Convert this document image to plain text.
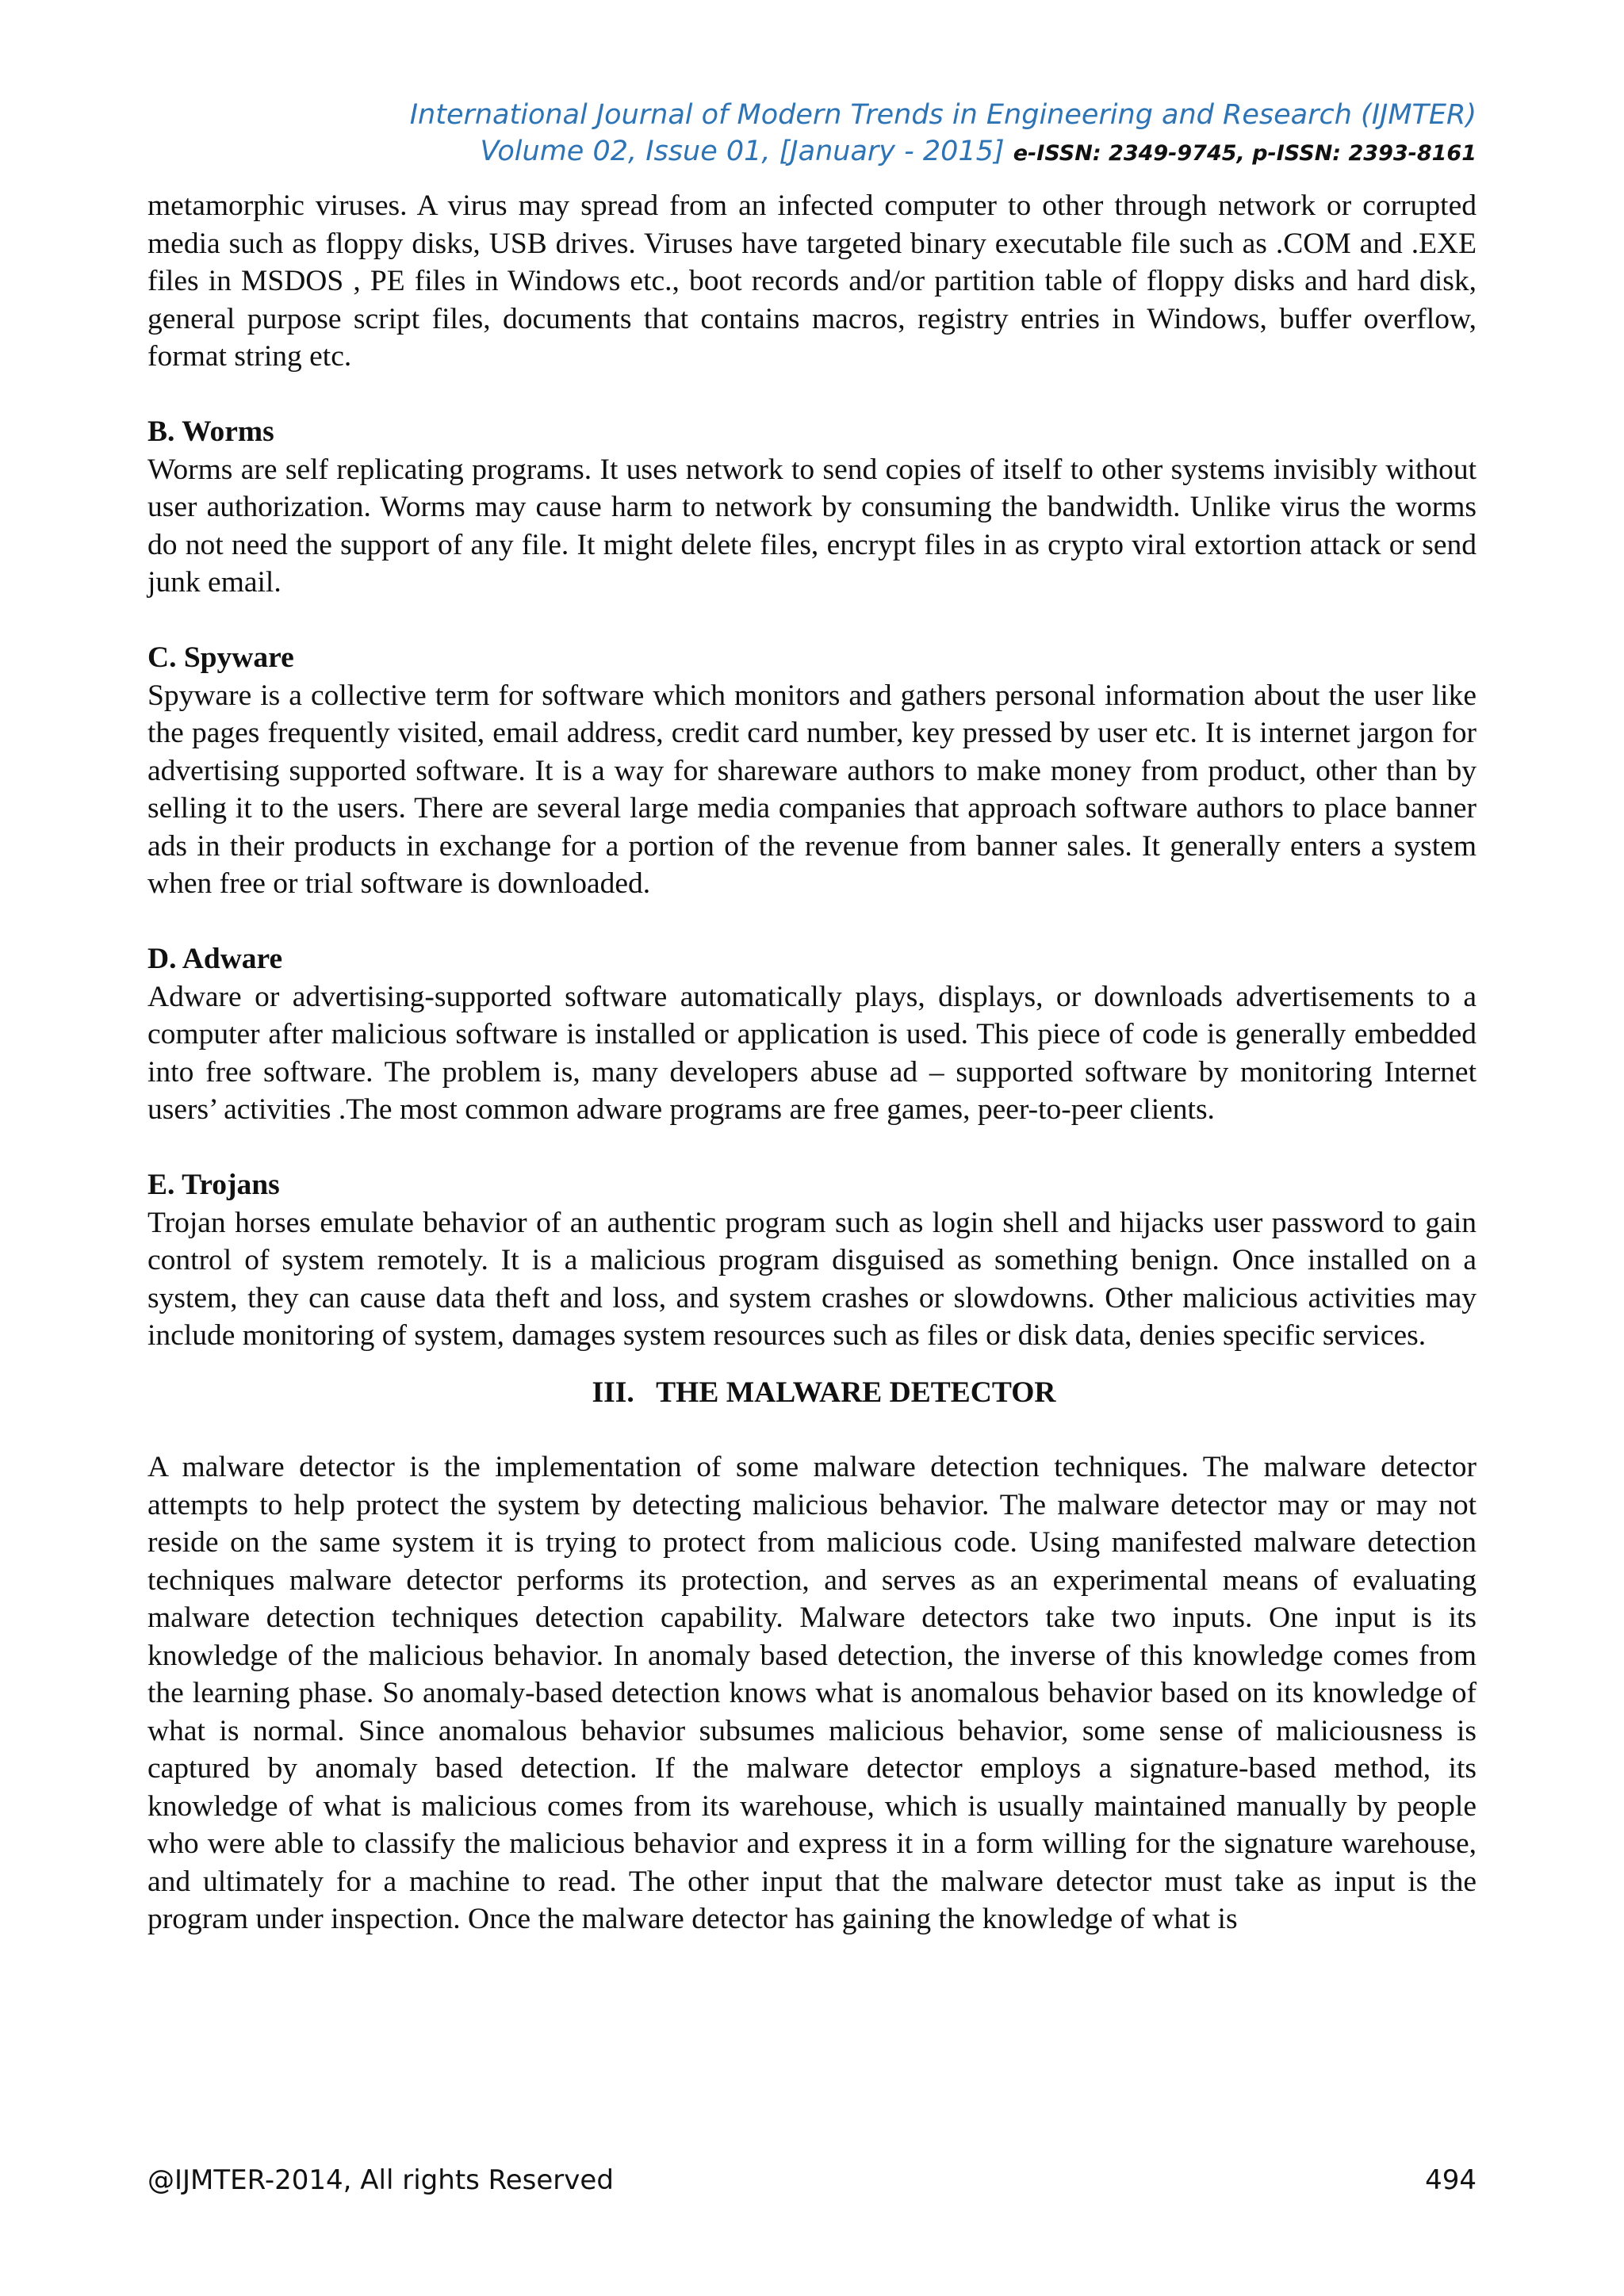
International Journal of Modern Trends in Engineering and Research (IJMTER)
Volume 02, Issue 01, [January - 2015] e-ISSN: 2349-9745, p-ISSN: 2393-8161

metamorphic viruses. A virus may spread from an infected computer to other through network or corrupted media such as floppy disks, USB drives. Viruses have targeted binary executable file such as .COM and .EXE files in MSDOS , PE files in Windows etc., boot records and/or partition table of floppy disks and hard disk, general purpose script files, documents that contains macros, registry entries in Windows, buffer overflow, format string etc.

B. Worms

Worms are self replicating programs. It uses network to send copies of itself to other systems invisibly without user authorization. Worms may cause harm to network by consuming the bandwidth. Unlike virus the worms do not need the support of any file. It might delete files, encrypt files in as crypto viral extortion attack or send junk email.

C. Spyware

Spyware is a collective term for software which monitors and gathers personal information about the user like the pages frequently visited, email address, credit card number, key pressed by user etc. It is internet jargon for advertising supported software. It is a way for shareware authors to make money from product, other than by selling it to the users. There are several large media companies that approach software authors to place banner ads in their products in exchange for a portion of the revenue from banner sales. It generally enters a system when free or trial software is downloaded.

D. Adware

Adware or advertising-supported software automatically plays, displays, or downloads advertisements to a computer after malicious software is installed or application is used. This piece of code is generally embedded into free software. The problem is, many developers abuse ad – supported software by monitoring Internet users’ activities .The most common adware programs are free games, peer-to-peer clients.

E. Trojans

Trojan horses emulate behavior of an authentic program such as login shell and hijacks user password to gain control of system remotely. It is a malicious program disguised as something benign. Once installed on a system, they can cause data theft and loss, and system crashes or slowdowns. Other malicious activities may include monitoring of system, damages system resources such as files or disk data, denies specific services.

III.   THE MALWARE DETECTOR

A malware detector is the implementation of some malware detection techniques. The malware detector attempts to help protect the system by detecting malicious behavior. The malware detector may or may not reside on the same system it is trying to protect from malicious code. Using manifested malware detection techniques malware detector performs its protection, and serves as an experimental means of evaluating malware detection techniques detection capability. Malware detectors take two inputs. One input is its knowledge of the malicious behavior. In anomaly based detection, the inverse of this knowledge comes from the learning phase. So anomaly-based detection knows what is anomalous behavior based on its knowledge of what is normal. Since anomalous behavior subsumes malicious behavior, some sense of maliciousness is captured by anomaly based detection. If the malware detector employs a signature-based method, its knowledge of what is malicious comes from its warehouse, which is usually maintained manually by people who were able to classify the malicious behavior and express it in a form willing for the signature warehouse, and ultimately for a machine to read. The other input that the malware detector must take as input is the program under inspection. Once the malware detector has gaining the knowledge of what is

@IJMTER-2014, All rights Reserved	494
